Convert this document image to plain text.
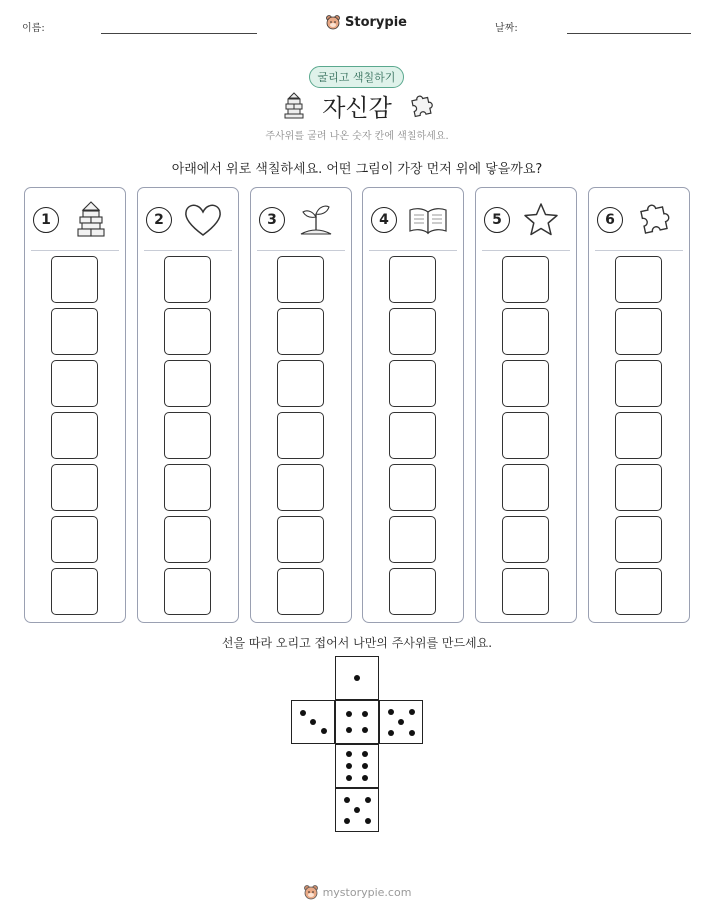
이름:	Storypie	날짜:
굴리고 색칠하기
자신감
주사위를 굴려 나온 숫자 칸에 색칠하세요.
아래에서 위로 색칠하세요. 어떤 그림이 가장 먼저 위에 닿을까요?
1	2	3	4	5	6
선을 따라 오리고 접어서 나만의 주사위를 만드세요.
mystorypie.com
